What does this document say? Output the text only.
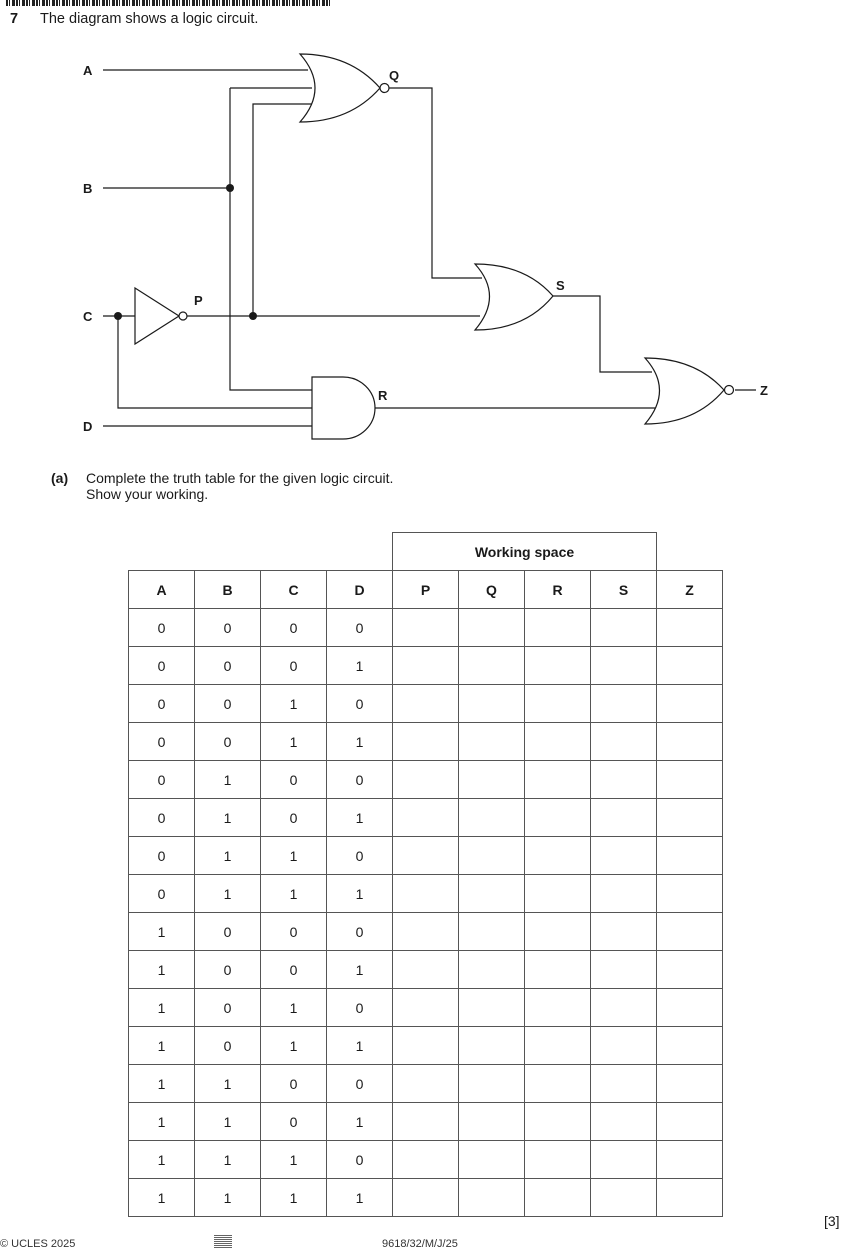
7 The diagram shows a logic circuit.
A
B
C
D
P
Q
R
S
Z
(a) Complete the truth table for the given logic circuit.
Show your working.
				Working space				
A	B	C	D	P	Q	R	S	Z
0	0	0	0					
0	0	0	1					
0	0	1	0					
0	0	1	1					
0	1	0	0					
0	1	0	1					
0	1	1	0					
0	1	1	1					
1	0	0	0					
1	0	0	1					
1	0	1	0					
1	0	1	1					
1	1	0	0					
1	1	0	1					
1	1	1	0					
1	1	1	1					
[3]
© UCLES 2025	9618/32/M/J/25
